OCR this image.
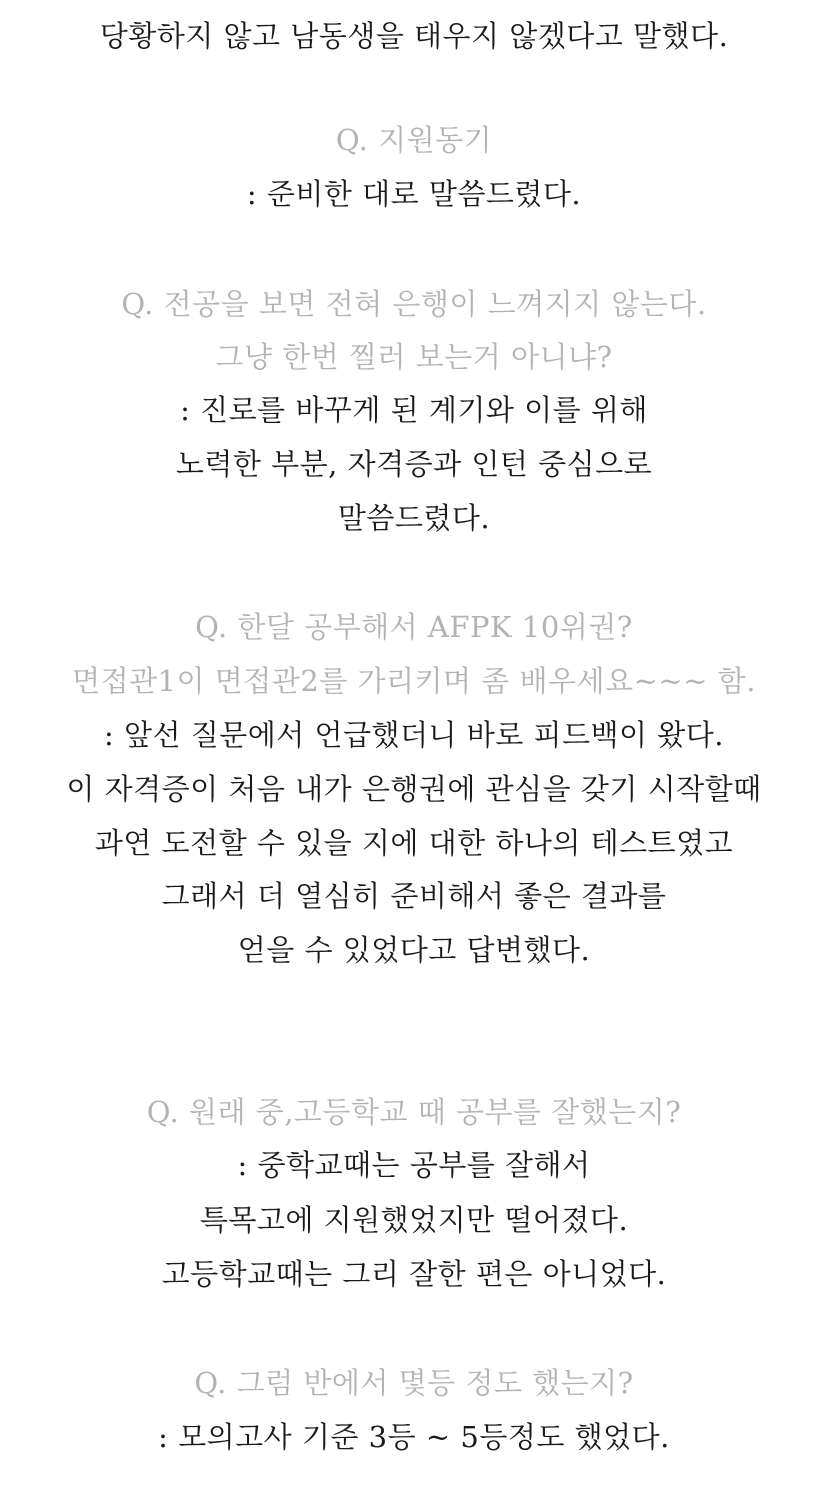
당황하지 않고 남동생을 태우지 않겠다고 말했다.
Q. 지원동기
: 준비한 대로 말씀드렸다.
Q. 전공을 보면 전혀 은행이 느껴지지 않는다.
그냥 한번 찔러 보는거 아니냐?
: 진로를 바꾸게 된 계기와 이를 위해
노력한 부분, 자격증과 인턴 중심으로
말씀드렸다.
Q. 한달 공부해서 AFPK 10위권?
면접관1이 면접관2를 가리키며 좀 배우세요~~~ 함.
: 앞선 질문에서 언급했더니 바로 피드백이 왔다.
이 자격증이 처음 내가 은행권에 관심을 갖기 시작할때
과연 도전할 수 있을 지에 대한 하나의 테스트였고
그래서 더 열심히 준비해서 좋은 결과를
얻을 수 있었다고 답변했다.
Q. 원래 중,고등학교 때 공부를 잘했는지?
: 중학교때는 공부를 잘해서
특목고에 지원했었지만 떨어졌다.
고등학교때는 그리 잘한 편은 아니었다.
Q. 그럼 반에서 몇등 정도 했는지?
: 모의고사 기준 3등 ~ 5등정도 했었다.
